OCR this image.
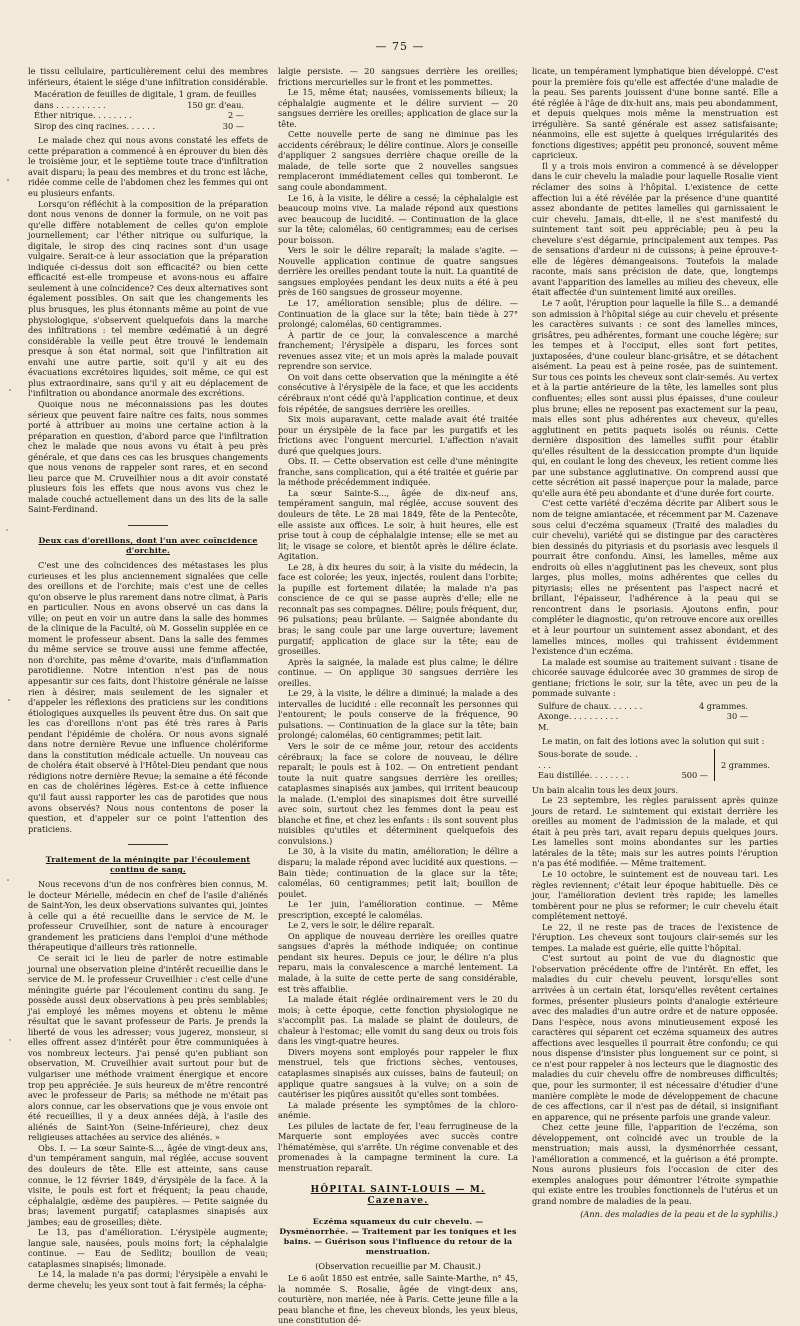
— 75 —

le tissu cellulaire, particulièrement celui des membres inférieurs, étaient le siége d'une infiltration considérable.

Macération de feuilles de digitale, 1 gram. de feuilles
dans . . . . . . . . . .	150 gr. d'eau.
Éther nitrique. . . . . . . .	2 —
Sirop des cinq racines. . . . . .	30 —

Le malade chez qui nous avons constaté les effets de cette préparation a commencé à en éprouver du bien dès le troisième jour, et le septième toute trace d'infiltration avait disparu; la peau des membres et du tronc est lâche, ridée comme celle de l'abdomen chez les femmes qui ont eu plusieurs enfants.

Lorsqu'on réfléchit à la composition de la préparation dont nous venons de donner la formule, on ne voit pas qu'elle diffère notablement de celles qu'on emploie journellement; car l'éther nitrique ou sulfurique, la digitale, le sirop des cinq racines sont d'un usage vulgaire. Serait-ce à leur association que la préparation indiquée ci-dessus doit son efficacité? ou bien cette efficacité est-elle trompeuse et avons-nous eu affaire seulement à une coïncidence? Ces deux alternatives sont également possibles. On sait que les changements les plus brusques, les plus étonnants même au point de vue physiologique, s'observent quelquefois dans la marche des infiltrations : tel membre œdématié à un degré considérable la veille peut être trouvé le lendemain presque à son état normal, soit que l'infiltration ait envahi une autre partie, soit qu'il y ait eu des évacuations excrétoires liquides, soit même, ce qui est plus extraordinaire, sans qu'il y ait eu déplacement de l'infiltration ou abondance anormale des excrétions.

Quoique nous ne méconnaissions pas les doutes sérieux que peuvent faire naître ces faits, nous sommes porté à attribuer au moins une certaine action à la préparation en question, d'abord parce que l'infiltration chez le malade que nous avons vu était à peu près générale, et que dans ces cas les brusques changements que nous venons de rappeler sont rares, et en second lieu parce que M. Cruveilhier nous a dit avoir constaté plusieurs fois les effets que nous avons vus chez le malade couché actuellement dans un des lits de la salle Saint-Ferdinand.

Deux cas d'oreillons, dont l'un avec coïncidence d'orchite.

C'est une des coïncidences des métastases les plus curieuses et les plus anciennement signalées que celle des oreillons et de l'orchite; mais c'est une de celles qu'on observe le plus rarement dans notre climat, à Paris en particulier. Nous en avons observé un cas dans la ville; on peut en voir un autre dans la salle des hommes de la clinique de la Faculté, où M. Gosselin supplée en ce moment le professeur absent. Dans la salle des femmes du même service se trouve aussi une femme affectée, non d'orchite, pas même d'ovarite, mais d'inflammation parotidienne. Notre intention n'est pas de nous appesantir sur ces faits, dont l'histoire générale ne laisse rien à désirer, mais seulement de les signaler et d'appeler les réflexions des praticiens sur les conditions étiologiques auxquelles ils peuvent être dus. On sait que les cas d'oreillons n'ont pas été très rares à Paris pendant l'épidémie de choléra. Or nous avons signalé dans notre dernière Revue une influence cholériforme dans la constitution médicale actuelle. Un nouveau cas de choléra était observé à l'Hôtel-Dieu pendant que nous rédigions notre dernière Revue; la semaine a été féconde en cas de cholérines légères. Est-ce à cette influence qu'il faut aussi rapporter les cas de parotides que nous avons observés? Nous nous contentons de poser la question, et d'appeler sur ce point l'attention des praticiens.

Traitement de la méningite par l'écoulement continu de sang.

Nous recevons d'un de nos confrères bien connus, M. le docteur Mérielle, médecin en chef de l'asile d'aliénés de Saint-Yon, les deux observations suivantes qui, jointes à celle qui a été recueillie dans le service de M. le professeur Cruveilhier, sont de nature à encourager grandement les praticiens dans l'emploi d'une méthode thérapeutique d'ailleurs très rationnelle.

Ce serait ici le lieu de parler de notre estimable journal une observation pleine d'intérêt recueillie dans le service de M. le professeur Cruveilhier : c'est celle d'une méningite guérie par l'écoulement continu du sang. Je possède aussi deux observations à peu près semblables; j'ai employé les mêmes moyens et obtenu le même résultat que le savant professeur de Paris. Je prends la liberté de vous les adresser; vous jugerez, monsieur, si elles offrent assez d'intérêt pour être communiquées à vos nombreux lecteurs. J'ai pensé qu'en publiant son observation, M. Cruveilhier avait surtout pour but de vulgariser une méthode vraiment énergique et encore trop peu appréciée. Je suis heureux de m'être rencontré avec le professeur de Paris; sa méthode ne m'était pas alors connue, car les observations que je vous envoie ont été recueillies, il y a deux années déjà, à l'asile des aliénés de Saint-Yon (Seine-Inférieure), chez deux religieuses attachées au service des aliénés. »

Obs. I. — La sœur Sainte-S..., âgée de vingt-deux ans, d'un tempérament sanguin, mal réglée, accuse souvent des douleurs de tête. Elle est atteinte, sans cause connue, le 12 février 1849, d'érysipèle de la face. À la visite, le pouls est fort et fréquent; la peau chaude, céphalalgie, œdème des paupières. — Petite saignée du bras; lavement purgatif; cataplasmes sinapisés aux jambes; eau de groseilles; diète.

Le 13, pas d'amélioration. L'érysipèle augmente; langue sale, nausées, pouls moins fort; la céphalalgie continue. — Eau de Sedlitz; bouillon de veau; cataplasmes sinapisés; limonade.

Le 14, la malade n'a pas dormi; l'érysipèle a envahi le derme chevelu; les yeux sont tout à fait fermés; la cépha-

lalgie persiste. — 20 sangsues derrière les oreilles; frictions mercurielles sur le front et les pommettes.

Le 15, même état; nausées, vomissements bilieux; la céphalalgie augmente et le délire survient — 20 sangsues derrière les oreilles; application de glace sur la tête.

Cette nouvelle perte de sang ne diminue pas les accidents cérébraux; le délire continue. Alors je conseille d'appliquer 2 sangsues derrière chaque oreille de la malade, de telle sorte que 2 nouvelles sangsues remplaceront immédiatement celles qui tomberont. Le sang coule abondamment.

Le 16, à la visite, le délire a cessé; la céphalalgie est beaucoup moins vive. La malade répond aux questions avec beaucoup de lucidité. — Continuation de la glace sur la tête; calomélas, 60 centigrammes; eau de cerises pour boisson.

Vers le soir le délire reparaît; la malade s'agite. — Nouvelle application continue de quatre sangsues derrière les oreilles pendant toute la nuit. La quantité de sangsues employées pendant les deux nuits a été à peu près de 160 sangsues de grosseur moyenne.

Le 17, amélioration sensible; plus de délire. — Continuation de la glace sur la tête; bain tiède à 27° prolongé; calomélas, 60 centigrammes.

À partir de ce jour, la convalescence a marché franchement; l'érysipèle a disparu, les forces sont revenues assez vite; et un mois après la malade pouvait reprendre son service.

On voit dans cette observation que la méningite a été consécutive à l'érysipèle de la face, et que les accidents cérébraux n'ont cédé qu'à l'application continue, et deux fois répétée, de sangsues derrière les oreilles.

Six mois auparavant, cette malade avait été traitée pour un érysipèle de la face par les purgatifs et les frictions avec l'onguent mercuriel. L'affection n'avait duré que quelques jours.

Obs. II. — Cette observation est celle d'une méningite franche, sans complication, qui a été traitée et guérie par la méthode précédemment indiquée.

La sœur Sainte-S..., âgée de dix-neuf ans, tempérament sanguin, mal réglée, accuse souvent des douleurs de tête. Le 28 mai 1849, fête de la Pentecôte, elle assiste aux offices. Le soir, à huit heures, elle est prise tout à coup de céphalalgie intense; elle se met au lit; le visage se colore, et bientôt après le délire éclate. Agitation.

Le 28, à dix heures du soir, à la visite du médecin, la face est colorée; les yeux, injectés, roulent dans l'orbite; la pupille est fortement dilatée; la malade n'a pas conscience de ce qui se passe auprès d'elle; elle ne reconnaît pas ses compagnes. Délire; pouls fréquent, dur, 96 pulsations; peau brûlante. — Saignée abondante du bras; le sang coule par une large ouverture; lavement purgatif; application de glace sur la tête; eau de groseilles.

Après la saignée, la malade est plus calme; le délire continue. — On applique 30 sangsues derrière les oreilles.

Le 29, à la visite, le délire a diminué; la malade a des intervalles de lucidité : elle reconnaît les personnes qui l'entourent; le pouls conserve de la fréquence, 90 pulsations. — Continuation de la glace sur la tête; bain prolongé; calomélas, 60 centigrammes; petit lait.

Vers le soir de ce même jour, retour des accidents cérébraux; la face se colore de nouveau, le délire reparaît; le pouls est à 102. — On entretient pendant toute la nuit quatre sangsues derrière les oreilles; cataplasmes sinapisés aux jambes, qui irritent beaucoup la malade. (L'emploi des sinapismes doit être surveillé avec soin, surtout chez les femmes dont la peau est blanche et fine, et chez les enfants : ils sont souvent plus nuisibles qu'utiles et déterminent quelquefois des convulsions.)

Le 30, à la visite du matin, amélioration; le délire a disparu; la malade répond avec lucidité aux questions. — Bain tiède; continuation de la glace sur la tête; calomélas, 60 centigrammes; petit lait; bouillon de poulet.

Le 1er juin, l'amélioration continue. — Même prescription, excepté le calomélas.

Le 2, vers le soir, le délire reparaît.

On applique de nouveau derrière les oreilles quatre sangsues d'après la méthode indiquée; on continue pendant six heures. Depuis ce jour, le délire n'a plus reparu, mais la convalescence a marché lentement. La malade, à la suite de cette perte de sang considérable, est très affaiblie.

La malade était réglée ordinairement vers le 20 du mois; à cette époque, cette fonction physiologique ne s'accomplit pas. La malade se plaint de douleurs, de chaleur à l'estomac; elle vomit du sang deux ou trois fois dans les vingt-quatre heures.

Divers moyens sont employés pour rappeler le flux menstruel, tels que frictions sèches, ventouses, cataplasmes sinapisés aux cuisses, bains de fauteuil; on applique quatre sangsues à la vulve; on a soin de cautériser les piqûres aussitôt qu'elles sont tombées.

La malade présente les symptômes de la chloro-anémie.

Les pilules de lactate de fer, l'eau ferrugineuse de la Marquerie sont employées avec succès contre l'hématémèse, qui s'arrête. Un régime convenable et des promenades à la campagne terminent la cure. La menstruation reparaît.

HÔPITAL SAINT-LOUIS — M. Cazenave.
Eczéma squameux du cuir chevelu. — Dysménorrhée. — Traitement par les toniques et les bains. — Guérison sous l'influence du retour de la menstruation.
(Observation recueillie par M. Chausit.)

Le 6 août 1850 est entrée, salle Sainte-Marthe, n° 45, la nommée S. Rosalie, âgée de vingt-deux ans, couturière, non mariée, née à Paris. Cette jeune fille a la peau blanche et fine, les cheveux blonds, les yeux bleus, une constitution dé-

licate, un tempérament lymphatique bien développé. C'est pour la première fois qu'elle est affectée d'une maladie de la peau. Ses parents jouissent d'une bonne santé. Elle a été réglée à l'âge de dix-huit ans, mais peu abondamment, et depuis quelques mois même la menstruation est irrégulière. Sa santé générale est assez satisfaisante; néanmoins, elle est sujette à quelques irrégularités des fonctions digestives; appétit peu prononcé, souvent même capricieux.

Il y a trois mois environ a commencé à se développer dans le cuir chevelu la maladie pour laquelle Rosalie vient réclamer des soins à l'hôpital. L'existence de cette affection lui a été révélée par la présence d'une quantité assez abondante de petites lamelles qui garnissaient le cuir chevelu. Jamais, dit-elle, il ne s'est manifesté du suintement tant soit peu appréciable; peu à peu la chevelure s'est dégarnie, principalement aux tempes. Pas de sensations d'ardeur ni de cuissons; à peine éprouve-t-elle de légères démangeaisons. Toutefois la malade raconte, mais sans précision de date, que, longtemps avant l'apparition des lamelles au milieu des cheveux, elle était affectée d'un suintement limité aux oreilles.

Le 7 août, l'éruption pour laquelle la fille S... a demandé son admission à l'hôpital siége au cuir chevelu et présente les caractères suivants : ce sont des lamelles minces, grisâtres, peu adhérentes, formant une couche légère; sur les tempes et à l'occiput, elles sont fort petites, juxtaposées, d'une couleur blanc-grisâtre, et se détachent aisément. La peau est à peine rosée, pas de suintement. Sur tous ces points les cheveux sont clair-semés. Au vertex et à la partie antérieure de la tête, les lamelles sont plus confluentes; elles sont aussi plus épaisses, d'une couleur plus brune; elles ne reposent pas exactement sur la peau, mais elles sont plus adhérentes aux cheveux, qu'elles agglutinent en petits paquets isolés ou réunis. Cette dernière disposition des lamelles suffit pour établir qu'elles résultent de la dessiccation prompte d'un liquide qui, en coulant le long des cheveux, les retient comme lies par une substance agglutinative. On comprend aussi que cette sécrétion ait passé inaperçue pour la malade, parce qu'elle aura été peu abondante et d'une durée fort courte.

C'est cette variété d'eczéma décrite par Alibert sous le nom de teigne amiantacée, et récemment par M. Cazenave sous celui d'eczéma squameux (Traité des maladies du cuir chevelu), variété qui se distingue par des caractères bien dessinés du pityriasis et du psoriasis avec lesquels il pourrait être confondu. Ainsi, les lamelles, même aux endroits où elles n'agglutinent pas les cheveux, sont plus larges, plus molles, moins adhérentes que celles du pityriasis; elles ne présentent pas l'aspect nacré et brillant, l'épaisseur, l'adhérence à la peau qui se rencontrent dans le psoriasis. Ajoutons enfin, pour compléter le diagnostic, qu'on retrouve encore aux oreilles et à leur pourtour un suintement assez abondant, et des lamelles minces, molles qui trahissent évidemment l'existence d'un eczéma.

La malade est soumise au traitement suivant : tisane de chicorée sauvage édulcorée avec 30 grammes de sirop de gentiane; frictions le soir, sur la tête, avec un peu de la pommade suivante :

Sulfure de chaux. . . . . . .	4 grammes.
Axonge. . . . . . . . . .	30 —
M.

Le matin, on fait des lotions avec la solution qui suit :

Sous-borate de soude. . . . .
Eau distillée. . . . . . . .	500 —
2 grammes.

Un bain alcalin tous les deux jours.

Le 23 septembre, les règles paraissent après quinze jours de retard. Le suintement qui existait derrière les oreilles au moment de l'admission de la malade, et qui était à peu près tari, avait reparu depuis quelques jours. Les lamelles sont moins abondantes sur les parties latérales de la tête; mais sur les autres points l'éruption n'a pas été modifiée. — Même traitement.

Le 10 octobre, le suintement est de nouveau tari. Les règles reviennent; c'était leur époque habituelle. Dès ce jour, l'amélioration devient très rapide; les lamelles tombèrent pour ne plus se reformer; le cuir chevelu était complétement nettoyé.

Le 22, il ne reste pas de traces de l'existence de l'éruption. Les cheveux sont toujours clair-semés sur les tempes. La malade est guérie, elle quitte l'hôpital.

C'est surtout au point de vue du diagnostic que l'observation précédente offre de l'intérêt. En effet, les maladies du cuir chevelu peuvent, lorsqu'elles sont arrivées à un certain état, lorsqu'elles revêtent certaines formes, présenter plusieurs points d'analogie extérieure avec des maladies d'un autre ordre et de nature opposée. Dans l'espèce, nous avons minutieusement exposé les caractères qui séparent cet eczéma squameux des autres affections avec lesquelles il pourrait être confondu; ce qui nous dispense d'insister plus longuement sur ce point, si ce n'est pour rappeler à nos lecteurs que le diagnostic des maladies du cuir chevelu offre de nombreuses difficultés; que, pour les surmonter, il est nécessaire d'étudier d'une manière complète le mode de développement de chacune de ces affections, car il n'est pas de détail, si insignifiant en apparence, qui ne présente parfois une grande valeur.

Chez cette jeune fille, l'apparition de l'eczéma, son développement, ont coïncidé avec un trouble de la menstruation; mais aussi, la dysménorrhée cessant, l'amélioration a commencé, et la guérison a été prompte. Nous aurons plusieurs fois l'occasion de citer des exemples analogues pour démontrer l'étroite sympathie qui existe entre les troubles fonctionnels de l'utérus et un grand nombre de maladies de la peau.

(Ann. des maladies de la peau et de la syphilis.)
